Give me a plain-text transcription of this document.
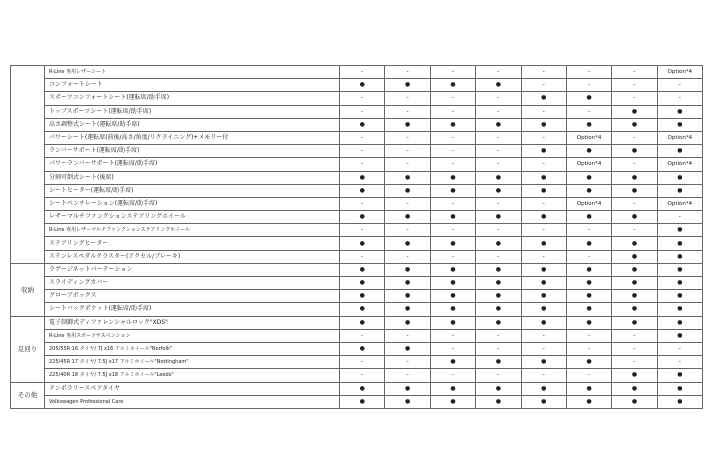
	R-Line 専用レザーシート	-	-	-	-	-	-	-	Option*4
	コンフォートシート	●	●	●	●	-	-	-	-
	スポーツコンフォートシート(運転席/助手席)	-	-	-	-	●	●	-	-
	トップスポーツシート(運転席/助手席)	-	-	-	-	-	-	●	●
	高さ調整式シート(運転席/助手席)	●	●	●	●	●	●	●	●
	パワーシート(運転席(前後/高さ/角度/リクライニング)+メモリー付	-	-	-	-	-	Option*4	-	Option*4
	ランバーサポート(運転席/助手席)	-	-	-	-	●	●	●	●
	パワーランバーサポート(運転席/助手席)	-	-	-	-	-	Option*4	-	Option*4
	分割可倒式シート(後席)	●	●	●	●	●	●	●	●
	シートヒーター(運転席/助手席)	●	●	●	●	●	●	●	●
	シートベンチレーション(運転席/助手席)	-	-	-	-	-	Option*4	-	Option*4
	レザーマルチファンクションステアリングホイール	●	●	●	●	●	●	●	-
	R-Line 専用レザーマルチファンクションステアリングホイール	-	-	-	-	-	-	-	●
	ステアリングヒーター	●	●	●	●	●	●	●	●
	ステンレスペダルクラスター(アクセル/ブレーキ)	-	-	-	-	-	-	●	●
収納	ラゲージネットパーテーション	●	●	●	●	●	●	●	●
	スライディングカバー	●	●	●	●	●	●	●	●
	グローブボックス	●	●	●	●	●	●	●	●
	シートバックポケット(運転席/助手席)	●	●	●	●	●	●	●	●
足回り	電子制御式ディファレンシャルロック"XDS"	●	●	●	●	●	●	●	●
	R-Line 専用スポーツサスペンション	-	-	-	-	-	-	-	●
	205/55R 16 タイヤ/ 7J x16 アルミホイール"Norfolk"	●	●	-	-	-	-	-	-
	225/45R 17 タイヤ/ 7.5J x17 アルミホイール"Nottingham"	-	-	●	●	●	●	-	-
	225/40R 18 タイヤ/ 7.5J x18 アルミホイール"Leeds"	-	-	-	-	-	-	●	●
その他	テンポラリースペアタイヤ	●	●	●	●	●	●	●	●
	Volkswagen Professional Care	●	●	●	●	●	●	●	●
